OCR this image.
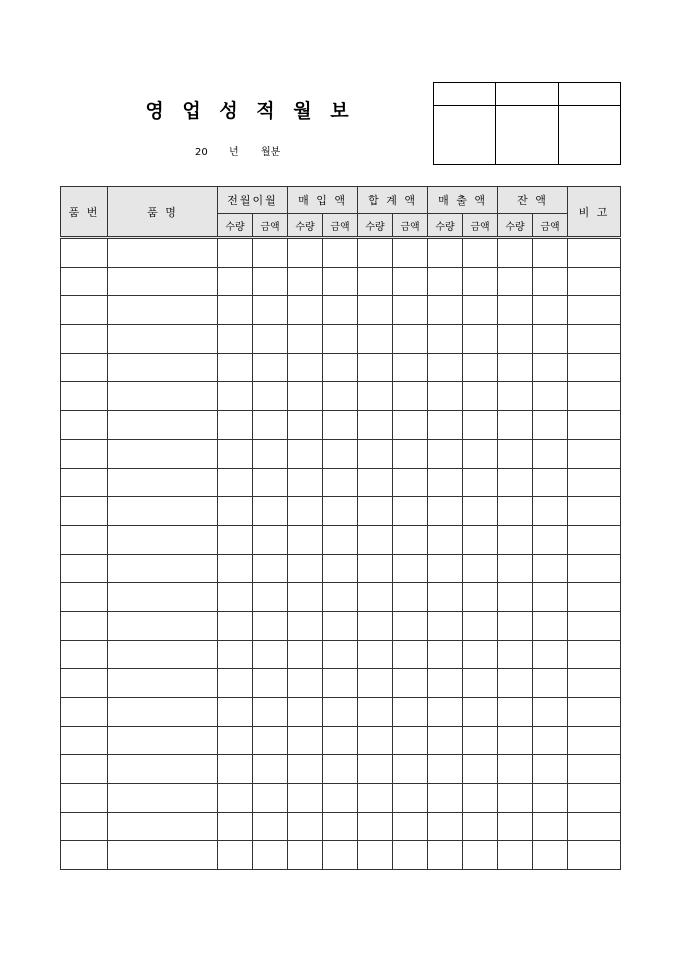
영 업 성 적 월 보
20 년 월분

품 번	품 명	전월이월		매 입 액		합 계 액		매 출 액		잔 액		비 고
		수량	금액	수량	금액	수량	금액	수량	금액	수량	금액	
